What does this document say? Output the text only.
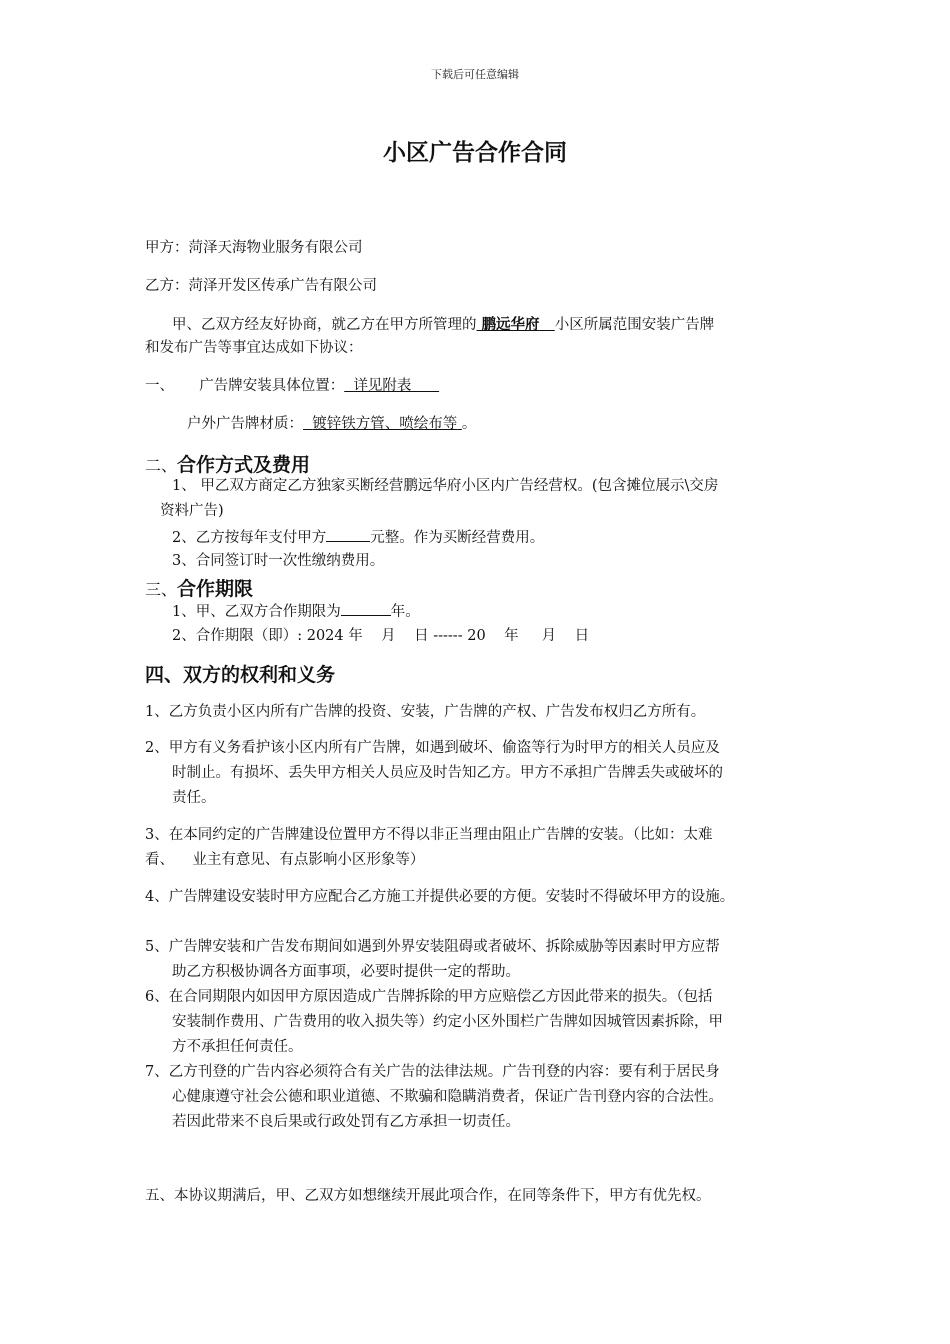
下载后可任意编辑
小区广告合作合同
甲方：菏泽天海物业服务有限公司
乙方：菏泽开发区传承广告有限公司
甲、乙双方经友好协商，就乙方在甲方所管理的 鹏远华府 小区所属范围安装广告牌
和发布广告等事宜达成如下协议：
一、 广告牌安装具体位置： 详见附表
户外广告牌材质： 镀锌铁方管、喷绘布等 。
二、合作方式及费用
1、 甲乙双方商定乙方独家买断经营鹏远华府小区内广告经营权。(包含摊位展示\交房
资料广告)
2、乙方按每年支付甲方	元整。作为买断经营费用。
3、合同签订时一次性缴纳费用。
三、合作期限
1、甲、乙双方合作期限为	年。
2、合作期限（即）: 2024 年    月    日 ------ 20    年     月    日
四、双方的权利和义务
1、乙方负责小区内所有广告牌的投资、安装，广告牌的产权、广告发布权归乙方所有。
2、甲方有义务看护该小区内所有广告牌，如遇到破坏、偷盗等行为时甲方的相关人员应及
时制止。有损坏、丢失甲方相关人员应及时告知乙方。甲方不承担广告牌丢失或破坏的
责任。
3、在本同约定的广告牌建设位置甲方不得以非正当理由阻止广告牌的安装。（比如：太难
看、    业主有意见、有点影响小区形象等）
4、广告牌建设安装时甲方应配合乙方施工并提供必要的方便。安装时不得破坏甲方的设施。
5、广告牌安装和广告发布期间如遇到外界安装阻碍或者破坏、拆除威胁等因素时甲方应帮
助乙方积极协调各方面事项，必要时提供一定的帮助。
6、在合同期限内如因甲方原因造成广告牌拆除的甲方应赔偿乙方因此带来的损失。（包括
安装制作费用、广告费用的收入损失等）约定小区外围栏广告牌如因城管因素拆除，甲
方不承担任何责任。
7、乙方刊登的广告内容必须符合有关广告的法律法规。广告刊登的内容：要有利于居民身
心健康遵守社会公德和职业道德、不欺骗和隐瞒消费者，保证广告刊登内容的合法性。
若因此带来不良后果或行政处罚有乙方承担一切责任。
五、本协议期满后，甲、乙双方如想继续开展此项合作，在同等条件下，甲方有优先权。
